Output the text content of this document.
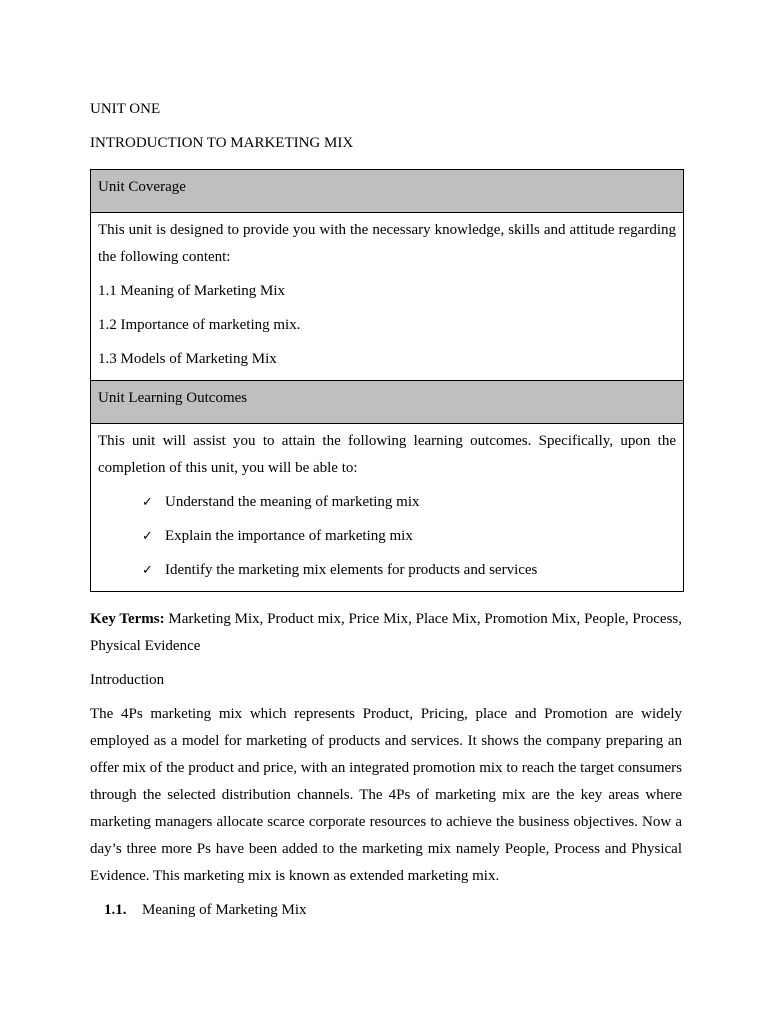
UNIT ONE
INTRODUCTION TO MARKETING MIX
Unit Coverage

This unit is designed to provide you with the necessary knowledge, skills and attitude regarding the following content:

1.1 Meaning of Marketing Mix
1.2 Importance of marketing mix.
1.3 Models of Marketing Mix
Unit Learning Outcomes

This unit will assist you to attain the following learning outcomes. Specifically, upon the completion of this unit, you will be able to:

✓ Understand the meaning of marketing mix
✓ Explain the importance of marketing mix
✓ Identify the marketing mix elements for products and services

Key Terms: Marketing Mix, Product mix, Price Mix, Place Mix, Promotion Mix, People, Process, Physical Evidence

Introduction

The 4Ps marketing mix which represents Product, Pricing, place and Promotion are widely employed as a model for marketing of products and services. It shows the company preparing an offer mix of the product and price, with an integrated promotion mix to reach the target consumers through the selected distribution channels. The 4Ps of marketing mix are the key areas where marketing managers allocate scarce corporate resources to achieve the business objectives. Now a day’s three more Ps have been added to the marketing mix namely People, Process and Physical Evidence. This marketing mix is known as extended marketing mix.

1.1. Meaning of Marketing Mix
